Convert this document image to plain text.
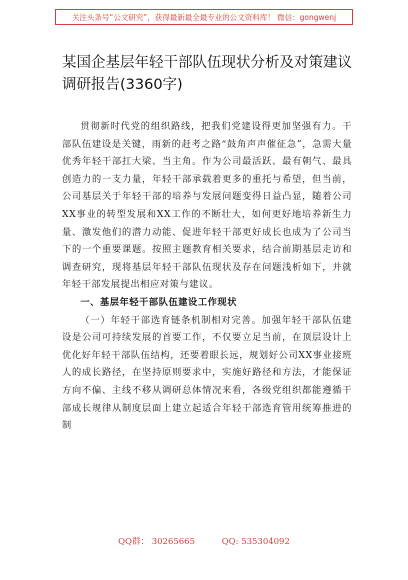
关注头条号“公文研究”，获得最新最全最专业的公文资料库！ 微信：gongwenj
某国企基层年轻干部队伍现状分析及对策建议调研报告(3360字)

贯彻新时代党的组织路线，把我们党建设得更加坚强有力。干部队伍建设是关键，雨新的赶考之路“鼓角声声催征急”，急需大量优秀年轻干部扛大梁、当主角。作为公司最活跃、最有朝气、最具创造力的一支力量，年轻干部承载着更多的重托与希望，但当前，公司基层关于年轻干部的培养与发展问题变得日益凸显，随着公司XX事业的转型发展和XX工作的不断壮大，如何更好地培养新生力量、激发他们的潜力动能、促进年轻干部更好成长也成为了公司当下的一个重要课题。按照主题教育相关要求，结合前期基层走访和调查研究，现将基层年轻干部队伍现状及存在问题浅析如下，并就年轻干部发展提出相应对策与建议。

一、基层年轻干部队伍建设工作现状

（一）年轻干部选育链条机制相对完善。加强年轻干部队伍建设是公司可持续发展的首要工作，不仅要立足当前，在顶层设计上优化好年轻干部队伍结构，还要着眼长远，规划好公司XX事业接班人的成长路径，在坚持原则要求中，实施好路径和方法，才能保证方向不偏、主线不移从调研总体情况来看，各级党组织都能遵循干部成长规律从制度层面上建立起适合年轻干部选育管用统筹推进的制

QQ群： 30265665	QQ: 535304092
